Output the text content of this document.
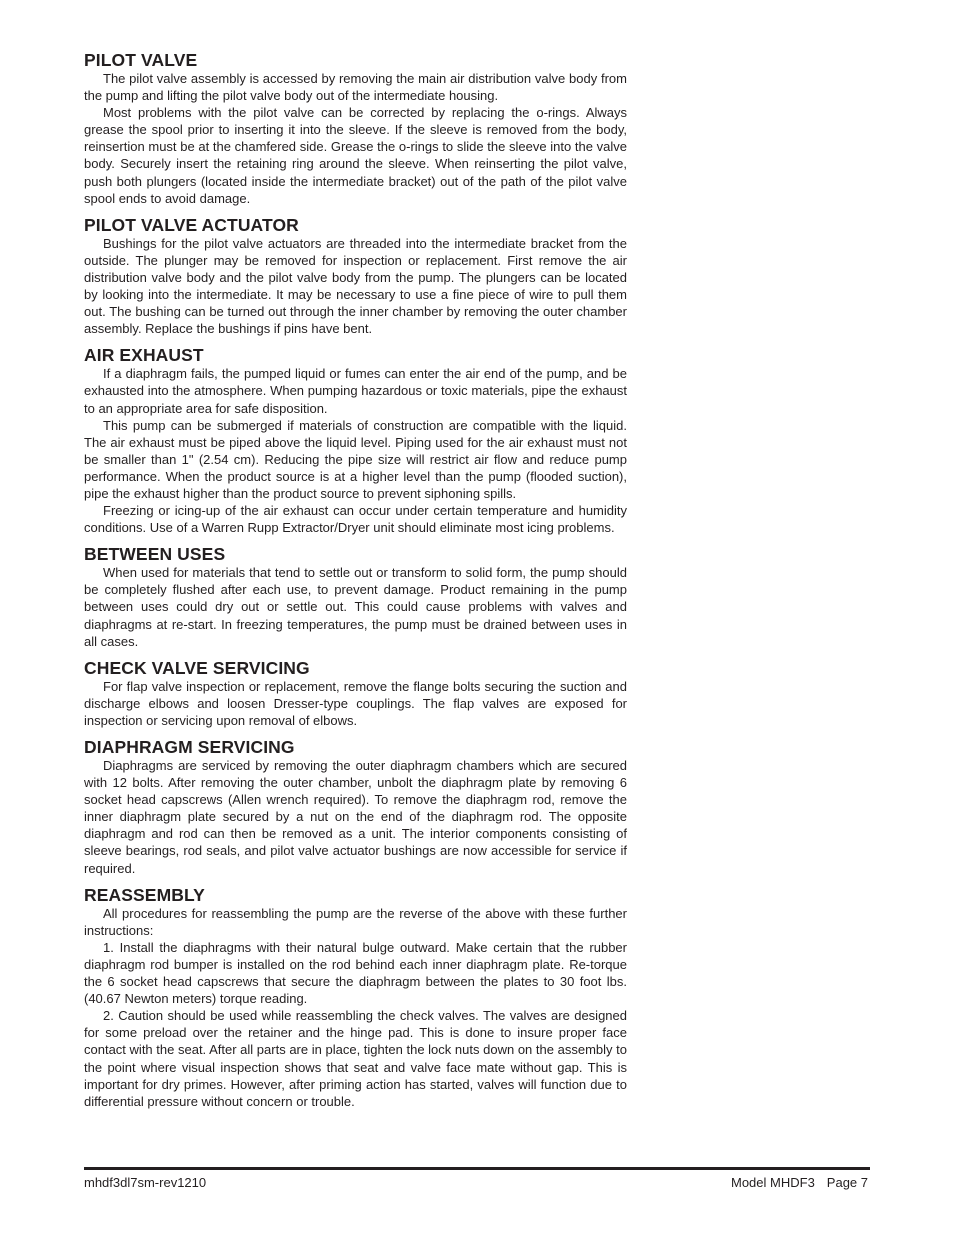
PILOT VALVE

The pilot valve assembly is accessed by removing the main air distribution valve body from the pump and lifting the pilot valve body out of the intermediate housing.

Most problems with the pilot valve can be corrected by replacing the o-rings. Always grease the spool prior to inserting it into the sleeve. If the sleeve is removed from the body, reinsertion must be at the chamfered side. Grease the o-rings to slide the sleeve into the valve body. Securely insert the retaining ring around the sleeve. When reinserting the pilot valve, push both plungers (located inside the intermediate bracket) out of the path of the pilot valve spool ends to avoid damage.

PILOT VALVE ACTUATOR

Bushings for the pilot valve actuators are threaded into the intermediate bracket from the outside. The plunger may be removed for inspection or replacement. First remove the air distribution valve body and the pilot valve body from the pump. The plungers can be located by looking into the intermediate. It may be necessary to use a fine piece of wire to pull them out. The bushing can be turned out through the inner chamber by removing the outer chamber assembly. Replace the bushings if pins have bent.

AIR EXHAUST

If a diaphragm fails, the pumped liquid or fumes can enter the air end of the pump, and be exhausted into the atmosphere. When pumping hazardous or toxic materials, pipe the exhaust to an appropriate area for safe disposition.

This pump can be submerged if materials of construction are compatible with the liquid. The air exhaust must be piped above the liquid level. Piping used for the air exhaust must not be smaller than 1" (2.54 cm). Reducing the pipe size will restrict air flow and reduce pump performance. When the product source is at a higher level than the pump (flooded suction), pipe the exhaust higher than the product source to prevent siphoning spills.

Freezing or icing-up of the air exhaust can occur under certain temperature and humidity conditions. Use of a Warren Rupp Extractor/Dryer unit should eliminate most icing problems.

BETWEEN USES

When used for materials that tend to settle out or transform to solid form, the pump should be completely flushed after each use, to prevent damage. Product remaining in the pump between uses could dry out or settle out. This could cause problems with valves and diaphragms at re-start. In freezing temperatures, the pump must be drained between uses in all cases.

CHECK VALVE SERVICING

For flap valve inspection or replacement, remove the flange bolts securing the suction and discharge elbows and loosen Dresser-type couplings. The flap valves are exposed for inspection or servicing upon removal of elbows.

DIAPHRAGM SERVICING

Diaphragms are serviced by removing the outer diaphragm chambers which are secured with 12 bolts. After removing the outer chamber, unbolt the diaphragm plate by removing 6 socket head capscrews (Allen wrench required). To remove the diaphragm rod, remove the inner diaphragm plate secured by a nut on the end of the diaphragm rod. The opposite diaphragm and rod can then be removed as a unit. The interior components consisting of sleeve bearings, rod seals, and pilot valve actuator bushings are now accessible for service if required.

REASSEMBLY

All procedures for reassembling the pump are the reverse of the above with these further instructions:

1. Install the diaphragms with their natural bulge outward. Make certain that the rubber diaphragm rod bumper is installed on the rod behind each inner diaphragm plate. Re-torque the 6 socket head capscrews that secure the diaphragm between the plates to 30 foot lbs. (40.67 Newton meters) torque reading.

2. Caution should be used while reassembling the check valves. The valves are designed for some preload over the retainer and the hinge pad. This is done to insure proper face contact with the seat. After all parts are in place, tighten the lock nuts down on the assembly to the point where visual inspection shows that seat and valve face mate without gap. This is important for dry primes. However, after priming action has started, valves will function due to differential pressure without concern or trouble.

mhdf3dl7sm-rev1210	Model MHDF3 Page 7
